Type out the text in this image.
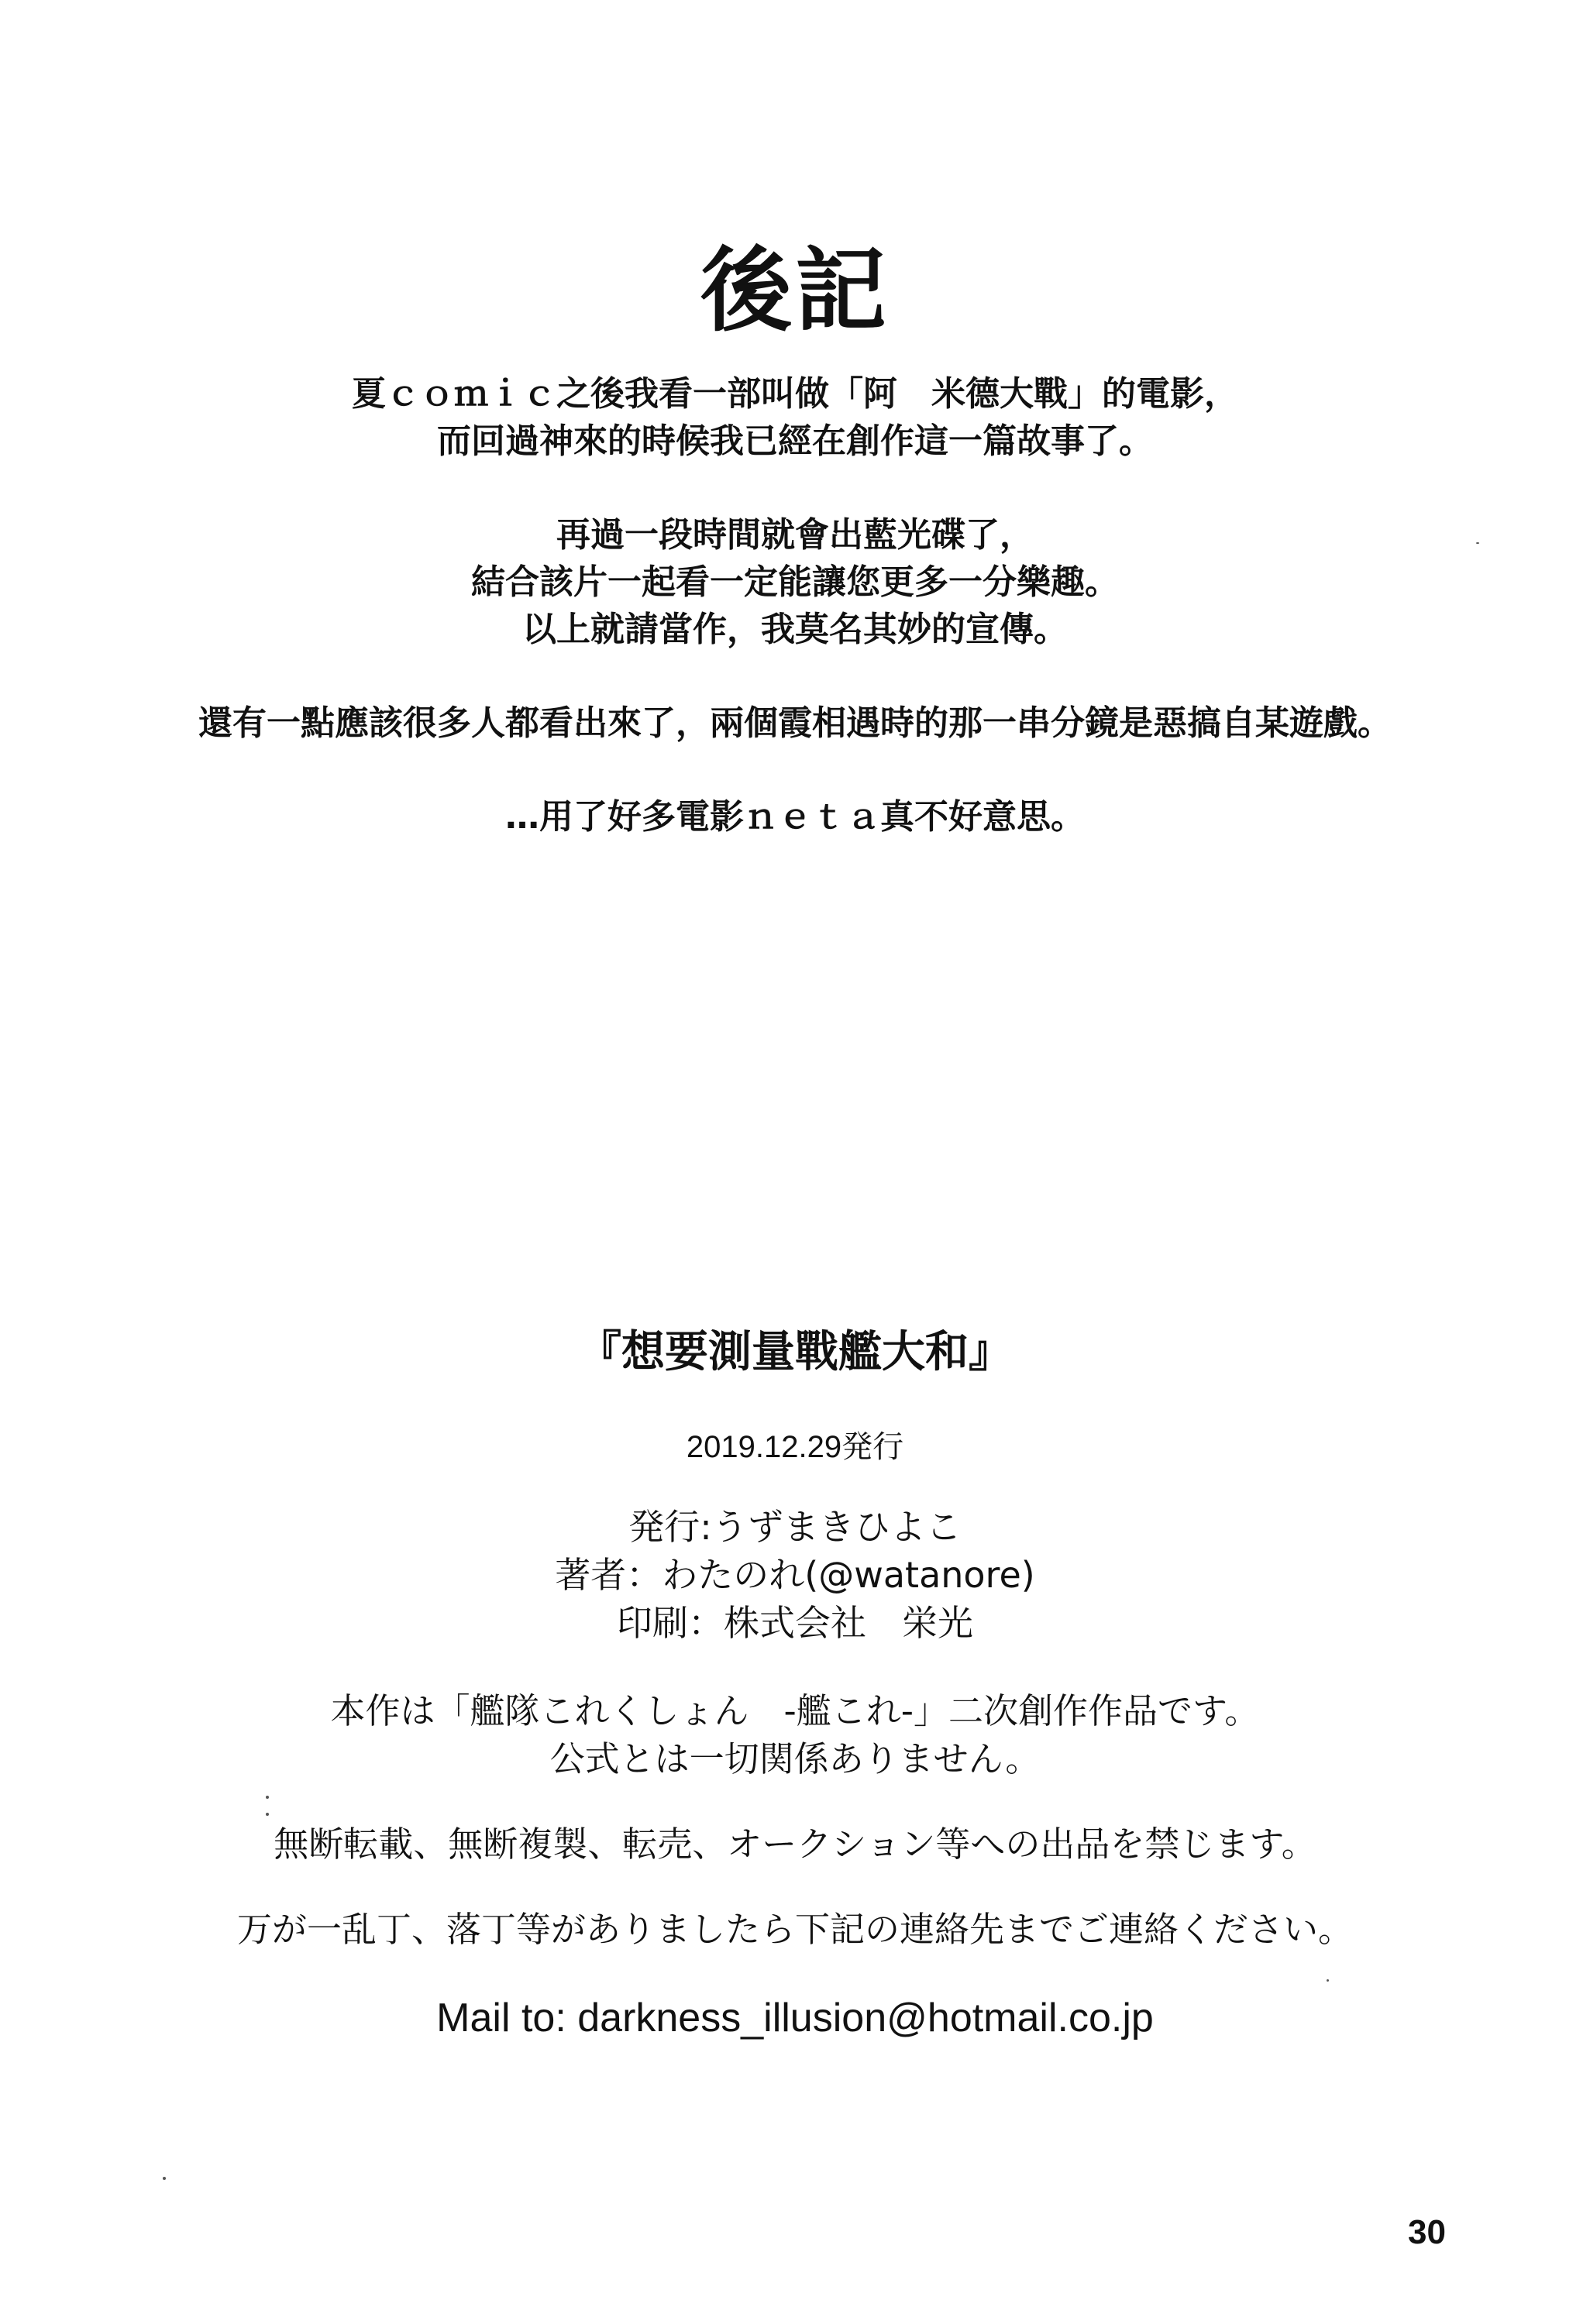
後記
夏ｃｏｍｉｃ之後我看一部叫做「阿　米德大戰」的電影，
而回過神來的時候我已經在創作這一篇故事了。
再過一段時間就會出藍光碟了，
結合該片一起看一定能讓您更多一分樂趣。
以上就請當作，我莫名其妙的宣傳。
還有一點應該很多人都看出來了，兩個霞相遇時的那一串分鏡是惡搞自某遊戲。
…用了好多電影ｎｅｔａ真不好意思。
『想要測量戰艦大和』
2019.12.29発行
発行:うずまきひよこ
著者：わたのれ(@watanore)
印刷：株式会社　栄光
本作は「艦隊これくしょん　-艦これ-」二次創作作品です。
公式とは一切関係ありません。
無断転載、無断複製、転売、オークション等への出品を禁じます。
万が一乱丁、落丁等がありましたら下記の連絡先までご連絡ください。
Mail to: darkness_illusion@hotmail.co.jp
30
